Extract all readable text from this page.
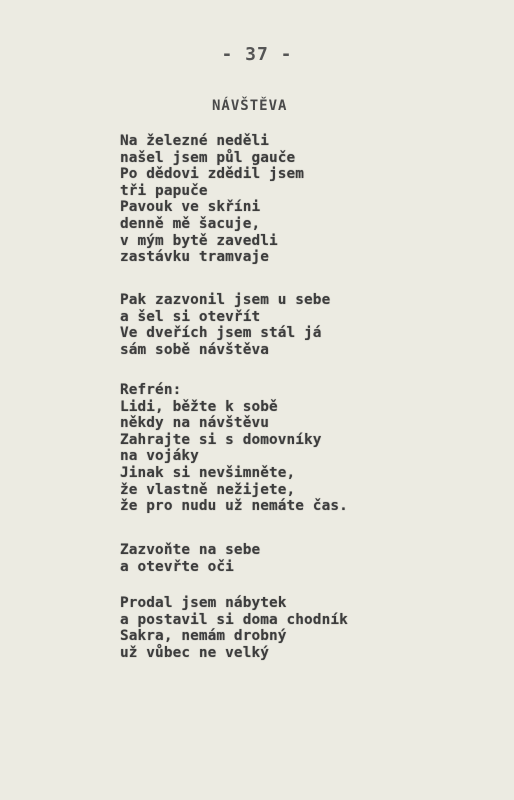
- 37 -
NÁVŠTĚVA
Na železné neděli
našel jsem půl gauče
Po dědovi zdědil jsem
tři papuče
Pavouk ve skříni
denně mě šacuje,
v mým bytě zavedli
zastávku tramvaje
Pak zazvonil jsem u sebe
a šel si otevřít
Ve dveřích jsem stál já
sám sobě návštěva
Refrén:
Lidi, běžte k sobě
někdy na návštěvu
Zahrajte si s domovníky
na vojáky
Jinak si nevšimněte,
že vlastně nežijete,
že pro nudu už nemáte čas.
Zazvoňte na sebe
a otevřte oči
Prodal jsem nábytek
a postavil si doma chodník
Sakra, nemám drobný
už vůbec ne velký
